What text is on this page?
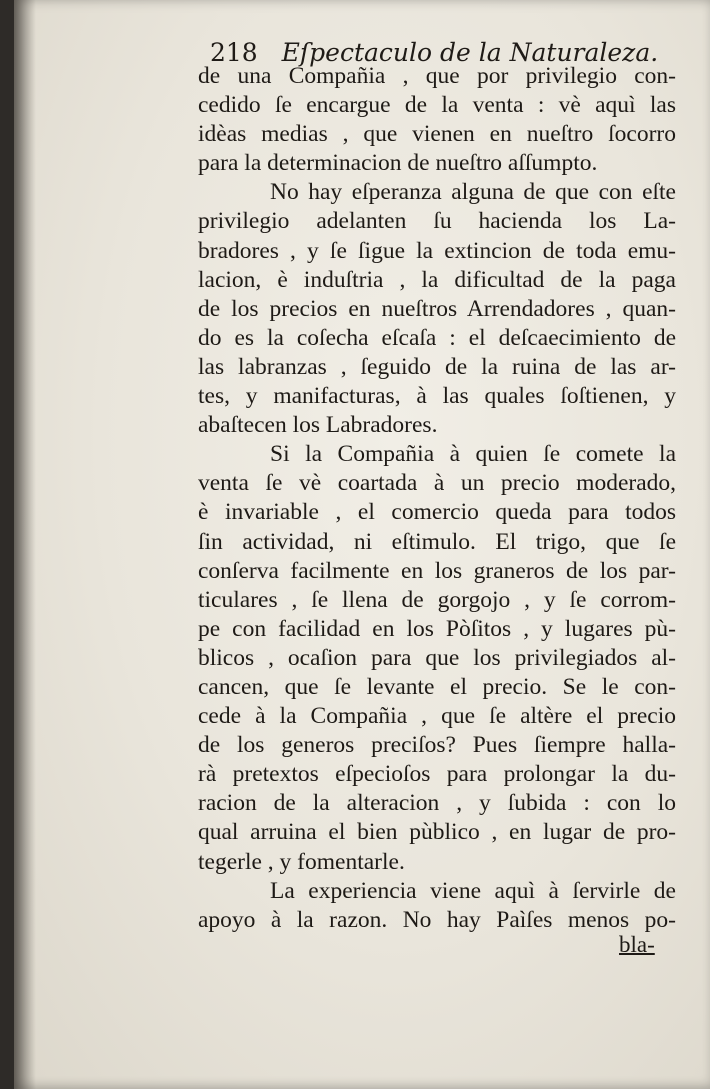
218 Eſpectaculo de la Naturaleza.
de una Compañia , que por privilegio con-
cedido ſe encargue de la venta : vè aquì las
idèas medias , que vienen en nueſtro ſocorro
para la determinacion de nueſtro aſſumpto.
No hay eſperanza alguna de que con eſte
privilegio adelanten ſu hacienda los La-
bradores , y ſe ſigue la extincion de toda emu-
lacion, è induſtria , la dificultad de la paga
de los precios en nueſtros Arrendadores , quan-
do es la coſecha eſcaſa : el deſcaecimiento de
las labranzas , ſeguido de la ruina de las ar-
tes, y manifacturas, à las quales ſoſtienen, y
abaſtecen los Labradores.
Si la Compañia à quien ſe comete la
venta ſe vè coartada à un precio moderado,
è invariable , el comercio queda para todos
ſin actividad, ni eſtimulo. El trigo, que ſe
conſerva facilmente en los graneros de los par-
ticulares , ſe llena de gorgojo , y ſe corrom-
pe con facilidad en los Pòſitos , y lugares pù-
blicos , ocaſion para que los privilegiados al-
cancen, que ſe levante el precio. Se le con-
cede à la Compañia , que ſe altère el precio
de los generos preciſos? Pues ſiempre halla-
rà pretextos eſpecioſos para prolongar la du-
racion de la alteracion , y ſubida : con lo
qual arruina el bien pùblico , en lugar de pro-
tegerle , y fomentarle.
La experiencia viene aquì à ſervirle de
apoyo à la razon. No hay Paìſes menos po-
bla-
